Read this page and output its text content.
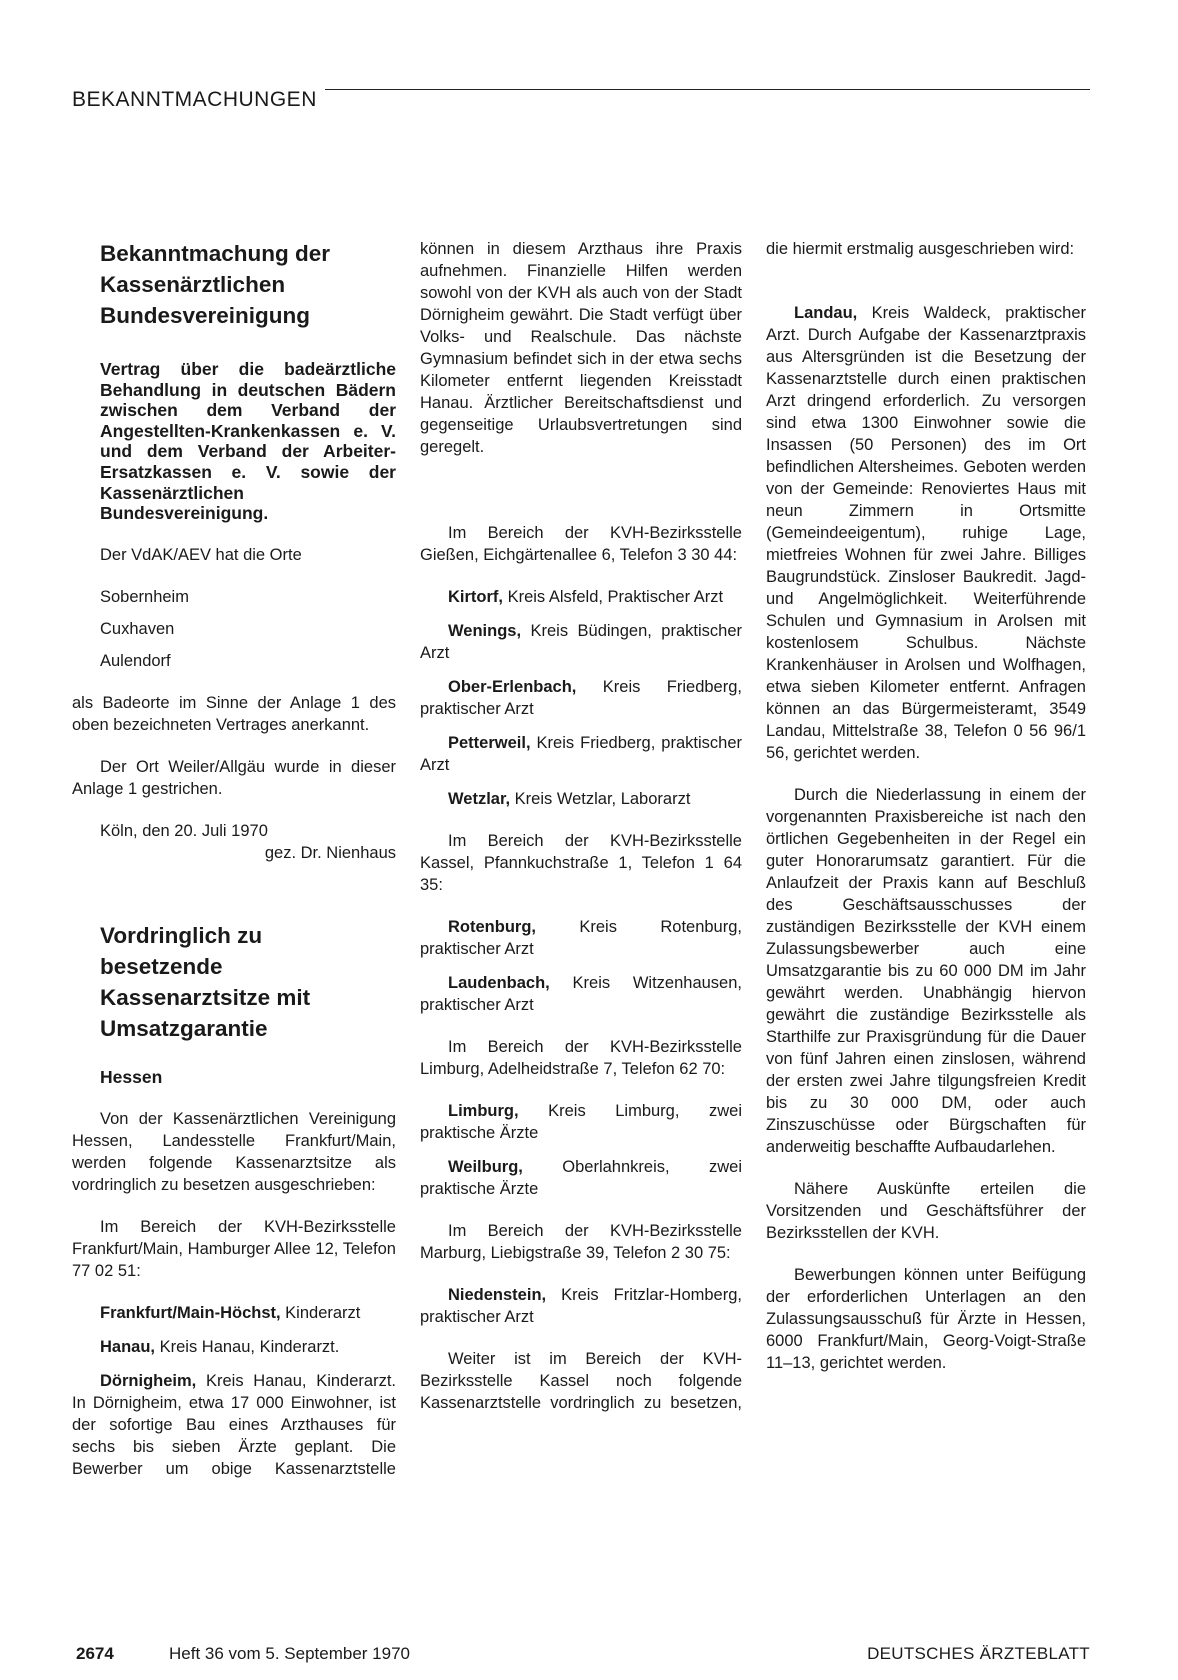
BEKANNTMACHUNGEN
Bekanntmachung der
Kassenärztlichen
Bundesvereinigung

Vertrag über die badeärztliche Behandlung in deutschen Bädern zwischen dem Verband der Angestellten-Krankenkassen e. V. und dem Verband der Arbeiter-Ersatzkassen e. V. sowie der Kassenärztlichen Bundesvereinigung.

Der VdAK/AEV hat die Orte

Sobernheim

Cuxhaven

Aulendorf

als Badeorte im Sinne der Anlage 1 des oben bezeichneten Vertrages anerkannt.

Der Ort Weiler/Allgäu wurde in dieser Anlage 1 gestrichen.

Köln, den 20. Juli 1970

gez. Dr. Nienhaus

Vordringlich zu
besetzende
Kassenarztsitze mit
Umsatzgarantie
Hessen

Von der Kassenärztlichen Vereinigung Hessen, Landesstelle Frankfurt/Main, werden folgende Kassenarztsitze als vordringlich zu besetzen ausgeschrieben:

Im Bereich der KVH-Bezirksstelle Frankfurt/Main, Hamburger Allee 12, Telefon 77 02 51:

Frankfurt/Main-Höchst, Kinderarzt

Hanau, Kreis Hanau, Kinderarzt.

Dörnigheim, Kreis Hanau, Kinderarzt. In Dörnigheim, etwa 17 000 Einwohner, ist der sofortige Bau eines Arzthauses für sechs bis sieben Ärzte geplant. Die Bewerber um obige Kassenarztstelle

können in diesem Arzthaus ihre Praxis aufnehmen. Finanzielle Hilfen werden sowohl von der KVH als auch von der Stadt Dörnigheim gewährt. Die Stadt verfügt über Volks- und Realschule. Das nächste Gymnasium befindet sich in der etwa sechs Kilometer entfernt liegenden Kreisstadt Hanau. Ärztlicher Bereitschaftsdienst und gegenseitige Urlaubsvertretungen sind geregelt.

Im Bereich der KVH-Bezirksstelle Gießen, Eichgärtenallee 6, Telefon 3 30 44:

Kirtorf, Kreis Alsfeld, Praktischer Arzt

Wenings, Kreis Büdingen, praktischer Arzt

Ober-Erlenbach, Kreis Friedberg, praktischer Arzt

Petterweil, Kreis Friedberg, praktischer Arzt

Wetzlar, Kreis Wetzlar, Laborarzt

Im Bereich der KVH-Bezirksstelle Kassel, Pfannkuchstraße 1, Telefon 1 64 35:

Rotenburg, Kreis Rotenburg, praktischer Arzt

Laudenbach, Kreis Witzenhausen, praktischer Arzt

Im Bereich der KVH-Bezirksstelle Limburg, Adelheidstraße 7, Telefon 62 70:

Limburg, Kreis Limburg, zwei praktische Ärzte

Weilburg, Oberlahnkreis, zwei praktische Ärzte

Im Bereich der KVH-Bezirksstelle Marburg, Liebigstraße 39, Telefon 2 30 75:

Niedenstein, Kreis Fritzlar-Homberg, praktischer Arzt

Weiter ist im Bereich der KVH-Bezirksstelle Kassel noch folgende Kassenarztstelle vordringlich zu besetzen,

die hiermit erstmalig ausgeschrieben wird:

Landau, Kreis Waldeck, praktischer Arzt. Durch Aufgabe der Kassenarztpraxis aus Altersgründen ist die Besetzung der Kassenarztstelle durch einen praktischen Arzt dringend erforderlich. Zu versorgen sind etwa 1300 Einwohner sowie die Insassen (50 Personen) des im Ort befindlichen Altersheimes. Geboten werden von der Gemeinde: Renoviertes Haus mit neun Zimmern in Ortsmitte (Gemeindeeigentum), ruhige Lage, mietfreies Wohnen für zwei Jahre. Billiges Baugrundstück. Zinsloser Baukredit. Jagd- und Angelmöglichkeit. Weiterführende Schulen und Gymnasium in Arolsen mit kostenlosem Schulbus. Nächste Krankenhäuser in Arolsen und Wolfhagen, etwa sieben Kilometer entfernt. Anfragen können an das Bürgermeisteramt, 3549 Landau, Mittelstraße 38, Telefon 0 56 96/1 56, gerichtet werden.

Durch die Niederlassung in einem der vorgenannten Praxisbereiche ist nach den örtlichen Gegebenheiten in der Regel ein guter Honorarumsatz garantiert. Für die Anlaufzeit der Praxis kann auf Beschluß des Geschäftsausschusses der zuständigen Bezirksstelle der KVH einem Zulassungsbewerber auch eine Umsatzgarantie bis zu 60 000 DM im Jahr gewährt werden. Unabhängig hiervon gewährt die zuständige Bezirksstelle als Starthilfe zur Praxisgründung für die Dauer von fünf Jahren einen zinslosen, während der ersten zwei Jahre tilgungsfreien Kredit bis zu 30 000 DM, oder auch Zinszuschüsse oder Bürgschaften für anderweitig beschaffte Aufbaudarlehen.

Nähere Auskünfte erteilen die Vorsitzenden und Geschäftsführer der Bezirksstellen der KVH.

Bewerbungen können unter Beifügung der erforderlichen Unterlagen an den Zulassungsausschuß für Ärzte in Hessen, 6000 Frankfurt/Main, Georg-Voigt-Straße 11–13, gerichtet werden.

2674	Heft 36 vom 5. September 1970	DEUTSCHES ÄRZTEBLATT
